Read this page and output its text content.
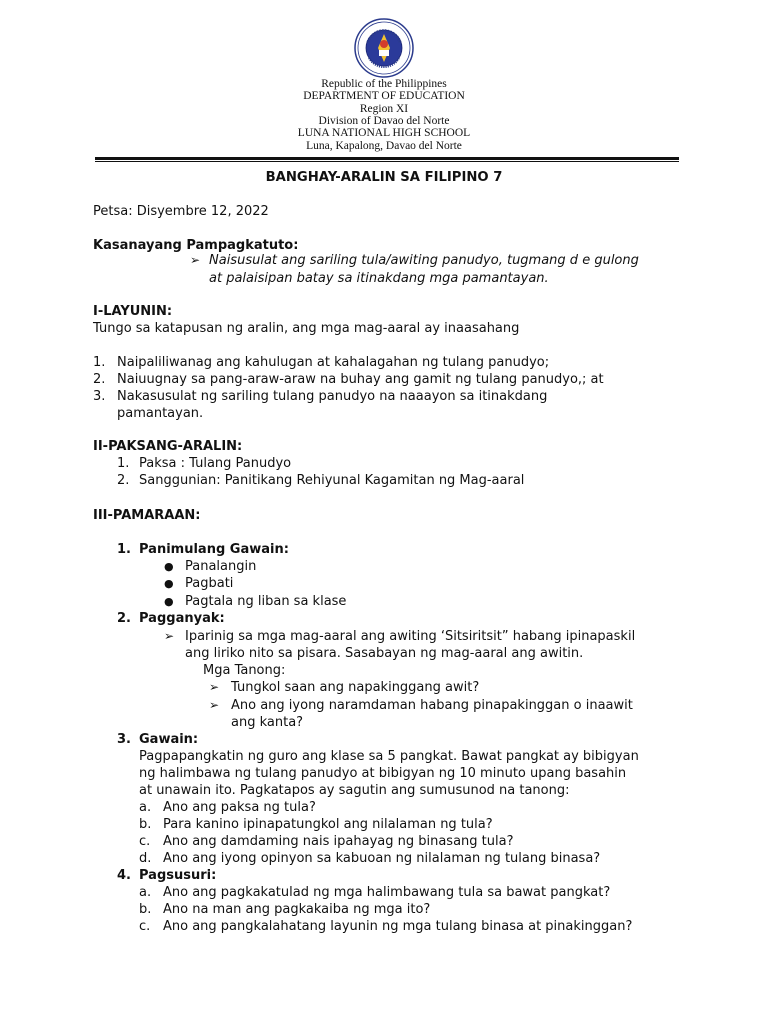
Republic of the Philippines
DEPARTMENT OF EDUCATION
Region XI
Division of Davao del Norte
LUNA NATIONAL HIGH SCHOOL
Luna, Kapalong, Davao del Norte
BANGHAY-ARALIN SA FILIPINO 7
Petsa: Disyembre 12, 2022
Kasanayang Pampagkatuto:
➢ Naisusulat ang sariling tula/awiting panudyo, tugmang d e gulong
at palaisipan batay sa itinakdang mga pamantayan.
I-LAYUNIN:
Tungo sa katapusan ng aralin, ang mga mag-aaral ay inaasahang
1. Naipaliliwanag ang kahulugan at kahalagahan ng tulang panudyo;
2. Naiuugnay sa pang-araw-araw na buhay ang gamit ng tulang panudyo,; at
3. Nakasusulat ng sariling tulang panudyo na naaayon sa itinakdang
pamantayan.
II-PAKSANG-ARALIN:
1. Paksa : Tulang Panudyo
2. Sanggunian: Panitikang Rehiyunal Kagamitan ng Mag-aaral
III-PAMARAAN:
1. Panimulang Gawain:
● Panalangin
● Pagbati
● Pagtala ng liban sa klase
2. Pagganyak:
➢ Iparinig sa mga mag-aaral ang awiting ‘Sitsiritsit” habang ipinapaskil
ang liriko nito sa pisara. Sasabayan ng mag-aaral ang awitin.
Mga Tanong:
➢ Tungkol saan ang napakinggang awit?
➢ Ano ang iyong naramdaman habang pinapakinggan o inaawit
ang kanta?
3. Gawain:
Pagpapangkatin ng guro ang klase sa 5 pangkat. Bawat pangkat ay bibigyan
ng halimbawa ng tulang panudyo at bibigyan ng 10 minuto upang basahin
at unawain ito. Pagkatapos ay sagutin ang sumusunod na tanong:
a. Ano ang paksa ng tula?
b. Para kanino ipinapatungkol ang nilalaman ng tula?
c. Ano ang damdaming nais ipahayag ng binasang tula?
d. Ano ang iyong opinyon sa kabuoan ng nilalaman ng tulang binasa?
4. Pagsusuri:
a. Ano ang pagkakatulad ng mga halimbawang tula sa bawat pangkat?
b. Ano na man ang pagkakaiba ng mga ito?
c. Ano ang pangkalahatang layunin ng mga tulang binasa at pinakinggan?
